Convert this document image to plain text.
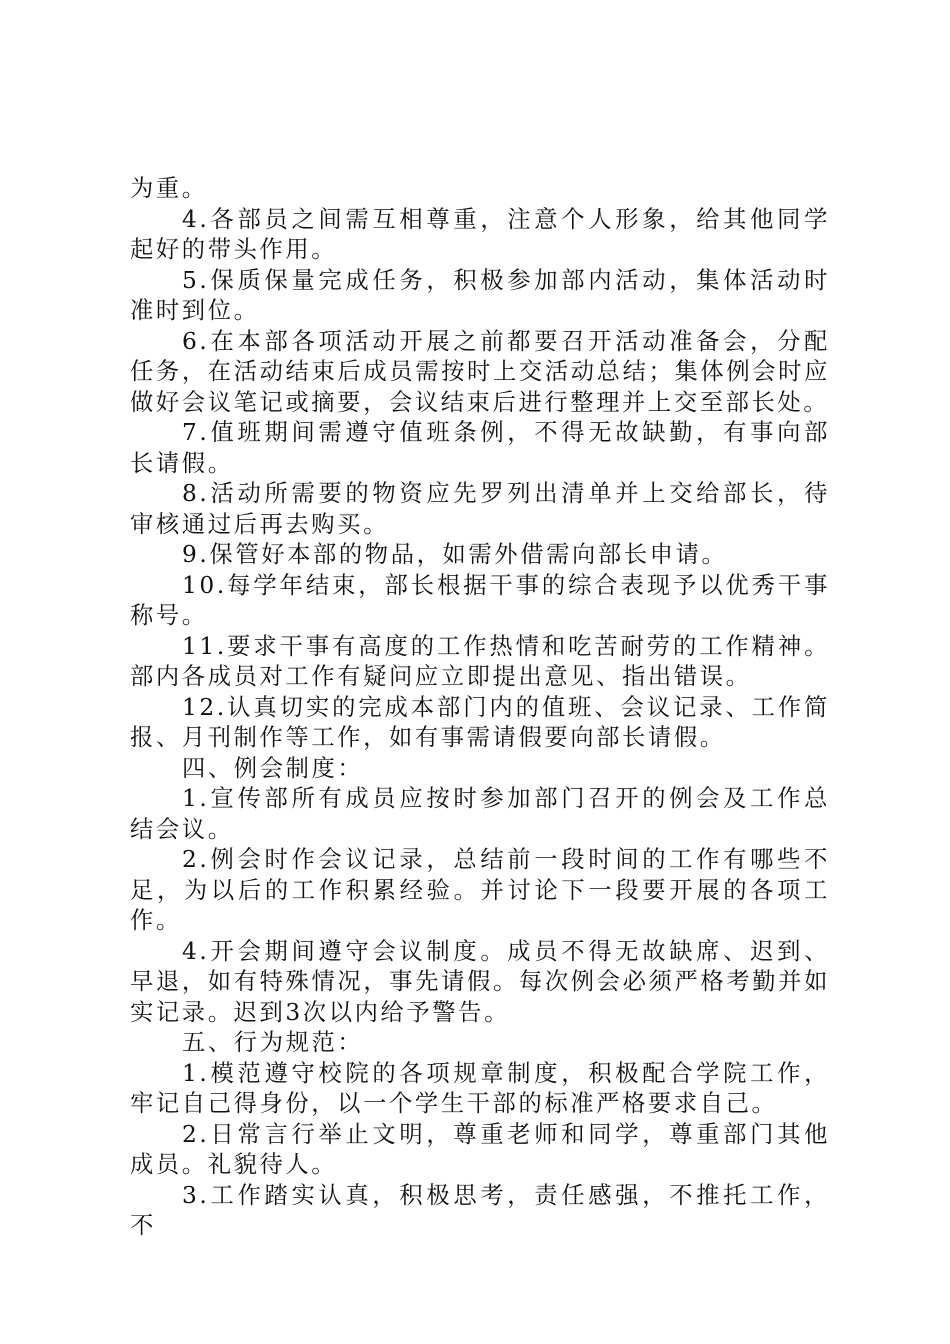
为重。

4.各部员之间需互相尊重，注意个人形象，给其他同学起好的带头作用。

5.保质保量完成任务，积极参加部内活动，集体活动时准时到位。

6.在本部各项活动开展之前都要召开活动准备会，分配任务，在活动结束后成员需按时上交活动总结；集体例会时应做好会议笔记或摘要，会议结束后进行整理并上交至部长处。

7.值班期间需遵守值班条例，不得无故缺勤，有事向部长请假。

8.活动所需要的物资应先罗列出清单并上交给部长，待审核通过后再去购买。

9.保管好本部的物品，如需外借需向部长申请。

10.每学年结束，部长根据干事的综合表现予以优秀干事称号。

11.要求干事有高度的工作热情和吃苦耐劳的工作精神。部内各成员对工作有疑问应立即提出意见、指出错误。

12.认真切实的完成本部门内的值班、会议记录、工作简报、月刊制作等工作，如有事需请假要向部长请假。

四、例会制度：

1.宣传部所有成员应按时参加部门召开的例会及工作总结会议。

2.例会时作会议记录，总结前一段时间的工作有哪些不足，为以后的工作积累经验。并讨论下一段要开展的各项工作。

4.开会期间遵守会议制度。成员不得无故缺席、迟到、早退，如有特殊情况，事先请假。每次例会必须严格考勤并如实记录。迟到3次以内给予警告。

五、行为规范：

1.模范遵守校院的各项规章制度，积极配合学院工作，牢记自己得身份，以一个学生干部的标准严格要求自己。

2.日常言行举止文明，尊重老师和同学，尊重部门其他成员。礼貌待人。

3.工作踏实认真，积极思考，责任感强，不推托工作，不
